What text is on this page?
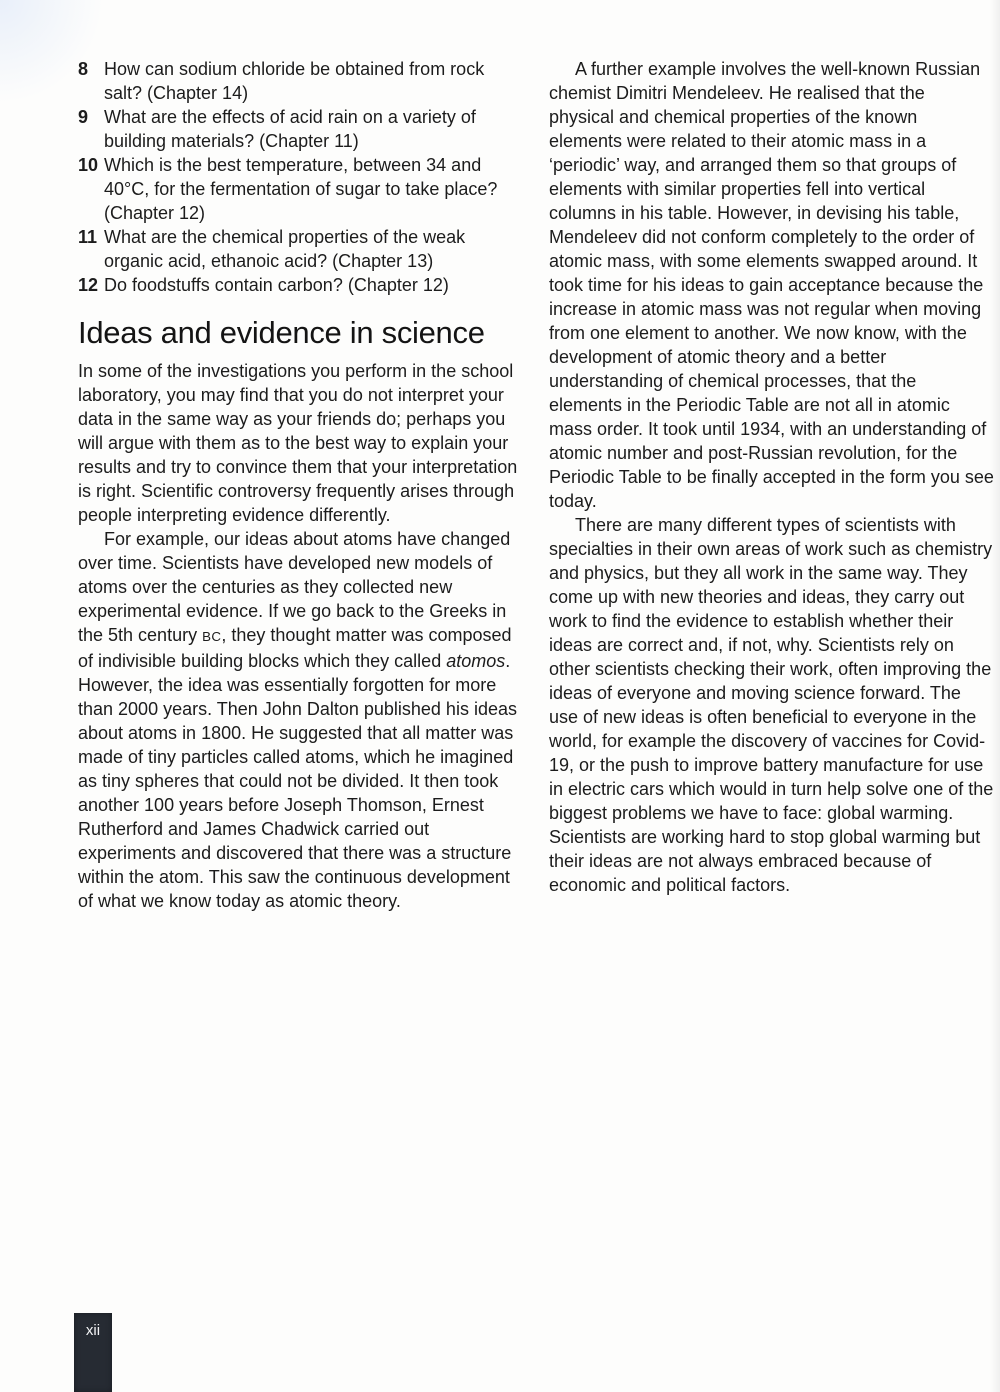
8 How can sodium chloride be obtained from rock salt? (Chapter 14)
9 What are the effects of acid rain on a variety of building materials? (Chapter 11)
10 Which is the best temperature, between 34 and 40°C, for the fermentation of sugar to take place? (Chapter 12)
11 What are the chemical properties of the weak organic acid, ethanoic acid? (Chapter 13)
12 Do foodstuffs contain carbon? (Chapter 12)
Ideas and evidence in science

In some of the investigations you perform in the school laboratory, you may find that you do not interpret your data in the same way as your friends do; perhaps you will argue with them as to the best way to explain your results and try to convince them that your interpretation is right. Scientific controversy frequently arises through people interpreting evidence differently.

For example, our ideas about atoms have changed over time. Scientists have developed new models of atoms over the centuries as they collected new experimental evidence. If we go back to the Greeks in the 5th century BC, they thought matter was composed of indivisible building blocks which they called atomos. However, the idea was essentially forgotten for more than 2000 years. Then John Dalton published his ideas about atoms in 1800. He suggested that all matter was made of tiny particles called atoms, which he imagined as tiny spheres that could not be divided. It then took another 100 years before Joseph Thomson, Ernest Rutherford and James Chadwick carried out experiments and discovered that there was a structure within the atom. This saw the continuous development of what we know today as atomic theory.

A further example involves the well-known Russian chemist Dimitri Mendeleev. He realised that the physical and chemical properties of the known elements were related to their atomic mass in a ‘periodic’ way, and arranged them so that groups of elements with similar properties fell into vertical columns in his table. However, in devising his table, Mendeleev did not conform completely to the order of atomic mass, with some elements swapped around. It took time for his ideas to gain acceptance because the increase in atomic mass was not regular when moving from one element to another. We now know, with the development of atomic theory and a better understanding of chemical processes, that the elements in the Periodic Table are not all in atomic mass order. It took until 1934, with an understanding of atomic number and post-Russian revolution, for the Periodic Table to be finally accepted in the form you see today.

There are many different types of scientists with specialties in their own areas of work such as chemistry and physics, but they all work in the same way. They come up with new theories and ideas, they carry out work to find the evidence to establish whether their ideas are correct and, if not, why. Scientists rely on other scientists checking their work, often improving the ideas of everyone and moving science forward. The use of new ideas is often beneficial to everyone in the world, for example the discovery of vaccines for Covid-19, or the push to improve battery manufacture for use in electric cars which would in turn help solve one of the biggest problems we have to face: global warming. Scientists are working hard to stop global warming but their ideas are not always embraced because of economic and political factors.

xii
